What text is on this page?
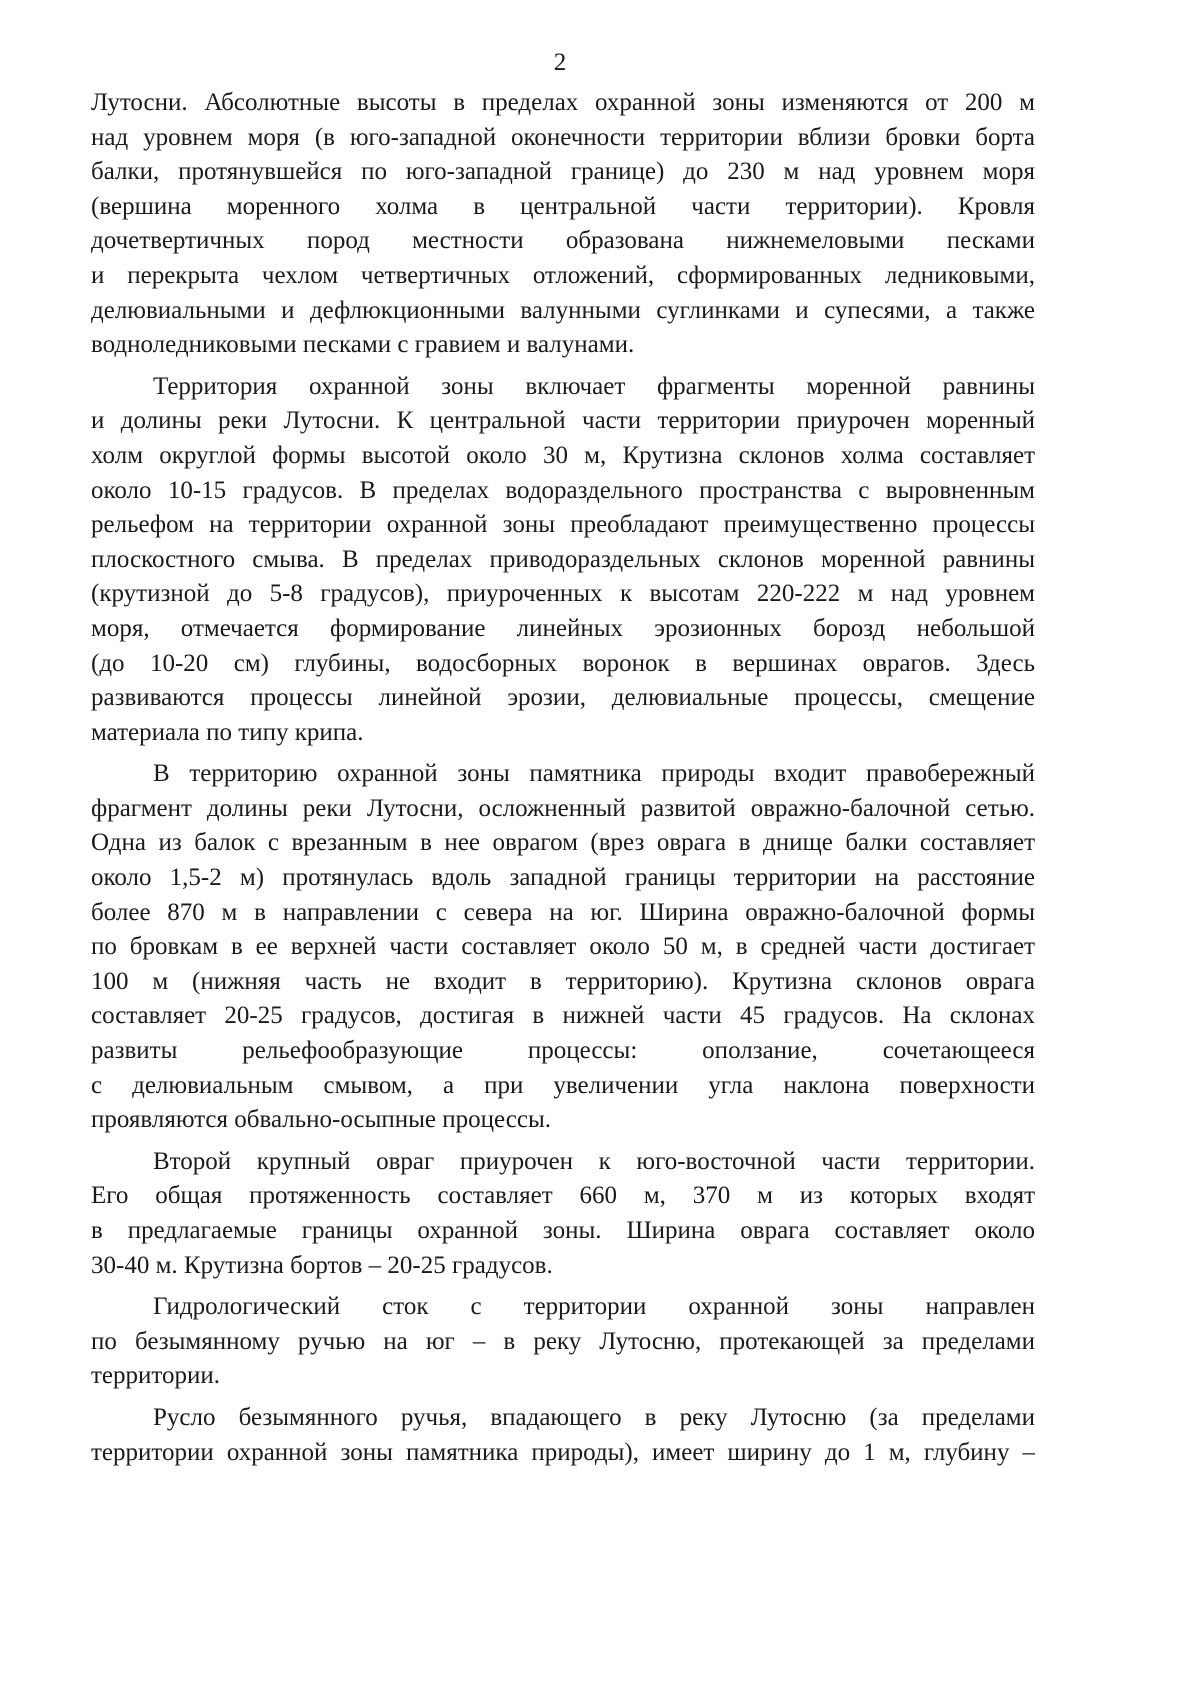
2

Лутосни. Абсолютные высоты в пределах охранной зоны изменяются от 200 м
над уровнем моря (в юго-западной оконечности территории вблизи бровки борта
балки, протянувшейся по юго-западной границе) до 230 м над уровнем моря
(вершина моренного холма в центральной части территории). Кровля
дочетвертичных пород местности образована нижнемеловыми песками
и перекрыта чехлом четвертичных отложений, сформированных ледниковыми,
делювиальными и дефлюкционными валунными суглинками и супесями, а также
водноледниковыми песками с гравием и валунами.

Территория охранной зоны включает фрагменты моренной равнины
и долины реки Лутосни. К центральной части территории приурочен моренный
холм округлой формы высотой около 30 м, Крутизна склонов холма составляет
около 10-15 градусов. В пределах водораздельного пространства с выровненным
рельефом на территории охранной зоны преобладают преимущественно процессы
плоскостного смыва. В пределах приводораздельных склонов моренной равнины
(крутизной до 5-8 градусов), приуроченных к высотам 220-222 м над уровнем
моря, отмечается формирование линейных эрозионных борозд небольшой
(до 10-20 см) глубины, водосборных воронок в вершинах оврагов. Здесь
развиваются процессы линейной эрозии, делювиальные процессы, смещение
материала по типу крипа.

В территорию охранной зоны памятника природы входит правобережный
фрагмент долины реки Лутосни, осложненный развитой овражно-балочной сетью.
Одна из балок с врезанным в нее оврагом (врез оврага в днище балки составляет
около 1,5-2 м) протянулась вдоль западной границы территории на расстояние
более 870 м в направлении с севера на юг. Ширина овражно-балочной формы
по бровкам в ее верхней части составляет около 50 м, в средней части достигает
100 м (нижняя часть не входит в территорию). Крутизна склонов оврага
составляет 20-25 градусов, достигая в нижней части 45 градусов. На склонах
развиты рельефообразующие процессы: оползание, сочетающееся
с делювиальным смывом, а при увеличении угла наклона поверхности
проявляются обвально-осыпные процессы.

Второй крупный овраг приурочен к юго-восточной части территории.
Его общая протяженность составляет 660 м, 370 м из которых входят
в предлагаемые границы охранной зоны. Ширина оврага составляет около
30-40 м. Крутизна бортов – 20-25 градусов.

Гидрологический сток с территории охранной зоны направлен
по безымянному ручью на юг – в реку Лутосню, протекающей за пределами
территории.

Русло безымянного ручья, впадающего в реку Лутосню (за пределами
территории охранной зоны памятника природы), имеет ширину до 1 м, глубину –
